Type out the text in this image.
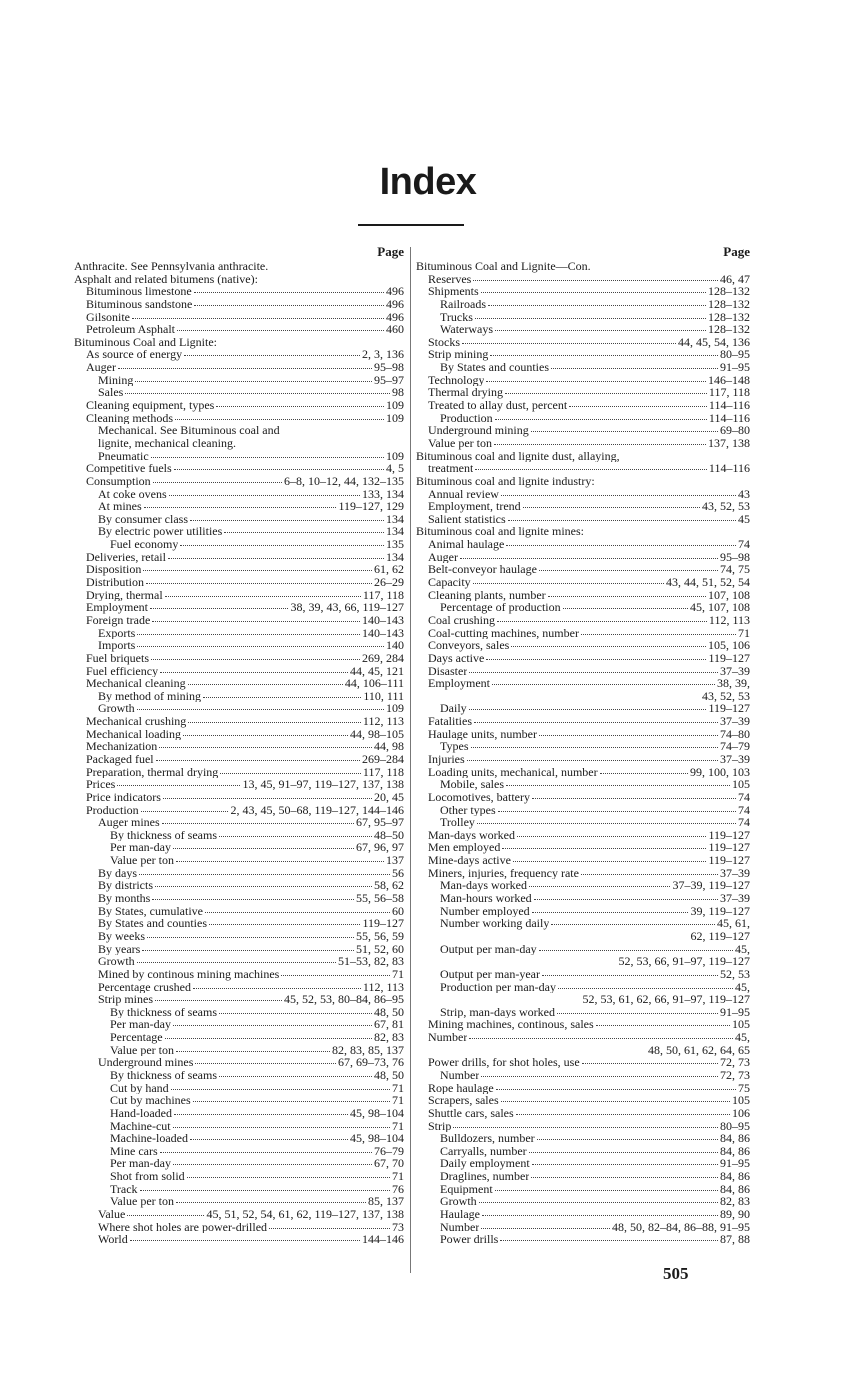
Index
Page
Anthracite. See Pennsylvania anthracite.
Asphalt and related bitumens (native):
Bituminous limestone	496
Bituminous sandstone	496
Gilsonite	496
Petroleum Asphalt	460
Bituminous Coal and Lignite:
As source of energy	2, 3, 136
Auger	95–98
Mining	95–97
Sales	98
Cleaning equipment, types	109
Cleaning methods	109
Mechanical. See Bituminous coal and
lignite, mechanical cleaning.
Pneumatic	109
Competitive fuels	4, 5
Consumption	6–8, 10–12, 44, 132–135
At coke ovens	133, 134
At mines	119–127, 129
By consumer class	134
By electric power utilities	134
Fuel economy	135
Deliveries, retail	134
Disposition	61, 62
Distribution	26–29
Drying, thermal	117, 118
Employment	38, 39, 43, 66, 119–127
Foreign trade	140–143
Exports	140–143
Imports	140
Fuel briquets	269, 284
Fuel efficiency	44, 45, 121
Mechanical cleaning	44, 106–111
By method of mining	110, 111
Growth	109
Mechanical crushing	112, 113
Mechanical loading	44, 98–105
Mechanization	44, 98
Packaged fuel	269–284
Preparation, thermal drying	117, 118
Prices	13, 45, 91–97, 119–127, 137, 138
Price indicators	20, 45
Production	2, 43, 45, 50–68, 119–127, 144–146
Auger mines	67, 95–97
By thickness of seams	48–50
Per man-day	67, 96, 97
Value per ton	137
By days	56
By districts	58, 62
By months	55, 56–58
By States, cumulative	60
By States and counties	119–127
By weeks	55, 56, 59
By years	51, 52, 60
Growth	51–53, 82, 83
Mined by continous mining machines	71
Percentage crushed	112, 113
Strip mines	45, 52, 53, 80–84, 86–95
By thickness of seams	48, 50
Per man-day	67, 81
Percentage	82, 83
Value per ton	82, 83, 85, 137
Underground mines	67, 69–73, 76
By thickness of seams	48, 50
Cut by hand	71
Cut by machines	71
Hand-loaded	45, 98–104
Machine-cut	71
Machine-loaded	45, 98–104
Mine cars	76–79
Per man-day	67, 70
Shot from solid	71
Track	76
Value per ton	85, 137
Value	45, 51, 52, 54, 61, 62, 119–127, 137, 138
Where shot holes are power-drilled	73
World	144–146
Page
Bituminous Coal and Lignite—Con.
Reserves	46, 47
Shipments	128–132
Railroads	128–132
Trucks	128–132
Waterways	128–132
Stocks	44, 45, 54, 136
Strip mining	80–95
By States and counties	91–95
Technology	146–148
Thermal drying	117, 118
Treated to allay dust, percent	114–116
Production	114–116
Underground mining	69–80
Value per ton	137, 138
Bituminous coal and lignite dust, allaying,
treatment	114–116
Bituminous coal and lignite industry:
Annual review	43
Employment, trend	43, 52, 53
Salient statistics	45
Bituminous coal and lignite mines:
Animal haulage	74
Auger	95–98
Belt-conveyor haulage	74, 75
Capacity	43, 44, 51, 52, 54
Cleaning plants, number	107, 108
Percentage of production	45, 107, 108
Coal crushing	112, 113
Coal-cutting machines, number	71
Conveyors, sales	105, 106
Days active	119–127
Disaster	37–39
Employment	38, 39,
43, 52, 53
Daily	119–127
Fatalities	37–39
Haulage units, number	74–80
Types	74–79
Injuries	37–39
Loading units, mechanical, number	99, 100, 103
Mobile, sales	105
Locomotives, battery	74
Other types	74
Trolley	74
Man-days worked	119–127
Men employed	119–127
Mine-days active	119–127
Miners, injuries, frequency rate	37–39
Man-days worked	37–39, 119–127
Man-hours worked	37–39
Number employed	39, 119–127
Number working daily	45, 61,
62, 119–127
Output per man-day	45,
52, 53, 66, 91–97, 119–127
Output per man-year	52, 53
Production per man-day	45,
52, 53, 61, 62, 66, 91–97, 119–127
Strip, man-days worked	91–95
Mining machines, continous, sales	105
Number	45,
48, 50, 61, 62, 64, 65
Power drills, for shot holes, use	72, 73
Number	72, 73
Rope haulage	75
Scrapers, sales	105
Shuttle cars, sales	106
Strip	80–95
Bulldozers, number	84, 86
Carryalls, number	84, 86
Daily employment	91–95
Draglines, number	84, 86
Equipment	84, 86
Growth	82, 83
Haulage	89, 90
Number	48, 50, 82–84, 86–88, 91–95
Power drills	87, 88
505
